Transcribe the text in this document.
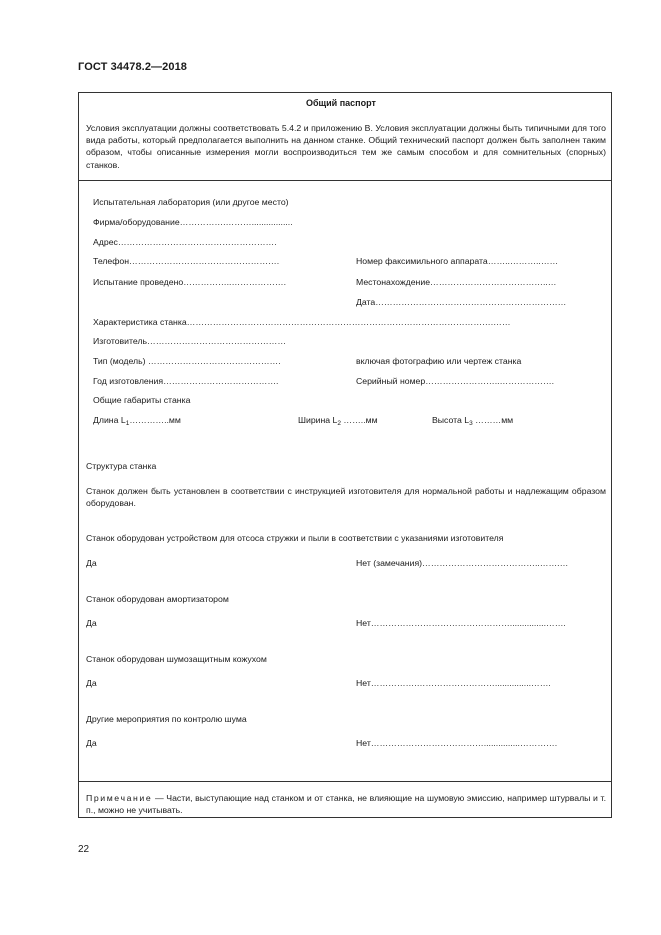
ГОСТ 34478.2—2018
Общий паспорт
Условия эксплуатации должны соответствовать 5.4.2 и приложению В. Условия эксплуатации должны быть типичными для того вида работы, который предполагается выполнить на данном станке. Общий технический паспорт должен быть заполнен таким образом, чтобы описанные измерения могли воспроизводиться тем же самым способом и для сомнительных (спорных) станков.
Испытательная лаборатория (или другое место)
Фирма/оборудование…………….……….................
Адрес……………………………………………….
Телефон…………………………………………….	Номер факсимильного аппарата……..………..……
Испытание проведено……………..……………….	Местонахождение…………………………………..…
Дата…………………………………………………………
Характеристика станка…………………………………………………………………………………………….……
Изготовитель…………………………………………
Тип (модель) ……………………………………….	включая фотографию или чертеж станка
Год изготовления………………………………….	Серийный номер……………………..……………….
Общие габариты станка
Длина $L_1\dots\dots\dots\dots..мм$	Ширина $L_2$ ……..мм	Высота $L_3$ ………мм
Структура станка
Станок должен быть установлен в соответствии с инструкцией изготовителя для нормальной работы и надлежащим образом оборудован.
Станок оборудован устройством для отсоса стружки и пыли в соответствии с указаниями изготовителя
Да	Нет (замечания)…………………………………..…….…
Станок оборудован амортизатором
Да	Нет…………………………………………...............…….
Станок оборудован шумозащитным кожухом
Да	Нет…………….………………………...............…….
Другие мероприятия по контролю шума
Да	Нет…………………………………...............………….
Примечание — Части, выступающие над станком и от станка, не влияющие на шумовую эмиссию, например штурвалы и т. п., можно не учитывать.
22
